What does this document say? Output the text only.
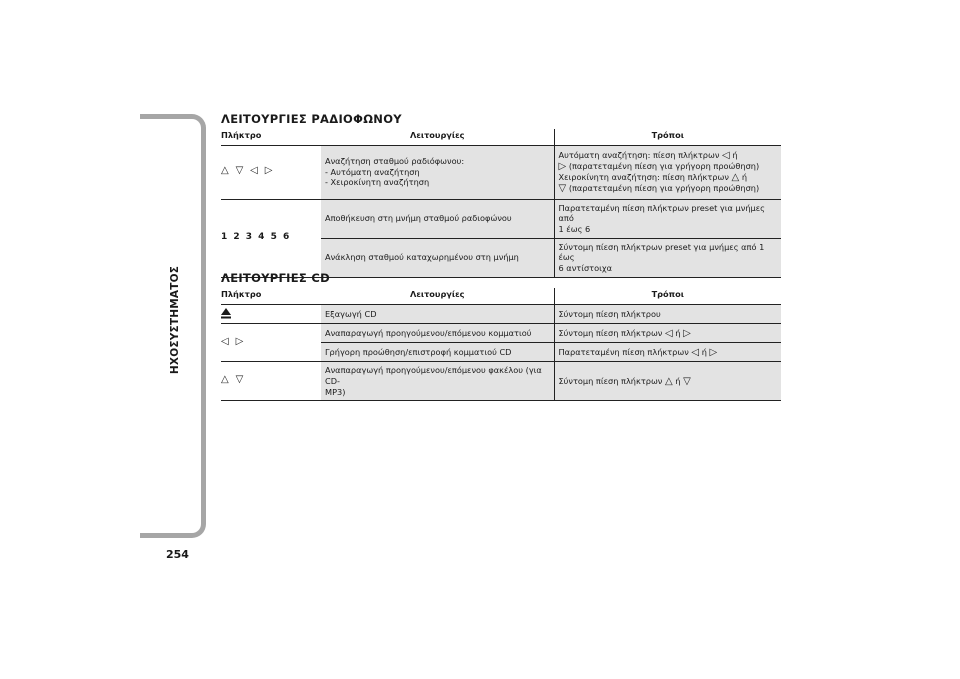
ΗΧΟΣΥΣΤΗΜΑΤΟΣ
254
ΛΕΙΤΟΥΡΓΙΕΣ ΡΑΔΙΟΦΩΝΟΥ
Πλήκτρο	Λειτουργίες	Τρόποι
△ ▽ ◁ ▷	Αναζήτηση σταθμού ραδιόφωνου:
- Αυτόματη αναζήτηση
- Χειροκίνητη αναζήτηση	Αυτόματη αναζήτηση: πίεση πλήκτρων ◁ ή
▷ (παρατεταμένη πίεση για γρήγορη προώθηση)
Χειροκίνητη αναζήτηση: πίεση πλήκτρων △ ή
▽ (παρατεταμένη πίεση για γρήγορη προώθηση)

1 2 3 4 5 6	Αποθήκευση στη μνήμη σταθμού ραδιοφώνου	Παρατεταμένη πίεση πλήκτρων preset για μνήμες από
1 έως 6

	Ανάκληση σταθμού καταχωρημένου στη μνήμη	Σύντομη πίεση πλήκτρων preset για μνήμες από 1 έως
6 αντίστοιχα
ΛΕΙΤΟΥΡΓΙΕΣ CD
Πλήκτρο	Λειτουργίες	Τρόποι
	Εξαγωγή CD	Σύντομη πίεση πλήκτρου
◁ ▷	Αναπαραγωγή προηγούμενου/επόμενου κομματιού	Σύντομη πίεση πλήκτρων ◁ ή ▷
	Γρήγορη προώθηση/επιστροφή κομματιού CD	Παρατεταμένη πίεση πλήκτρων ◁ ή ▷
△ ▽	Αναπαραγωγή προηγούμενου/επόμενου φακέλου (για CD-
MP3)	Σύντομη πίεση πλήκτρων △ ή ▽
